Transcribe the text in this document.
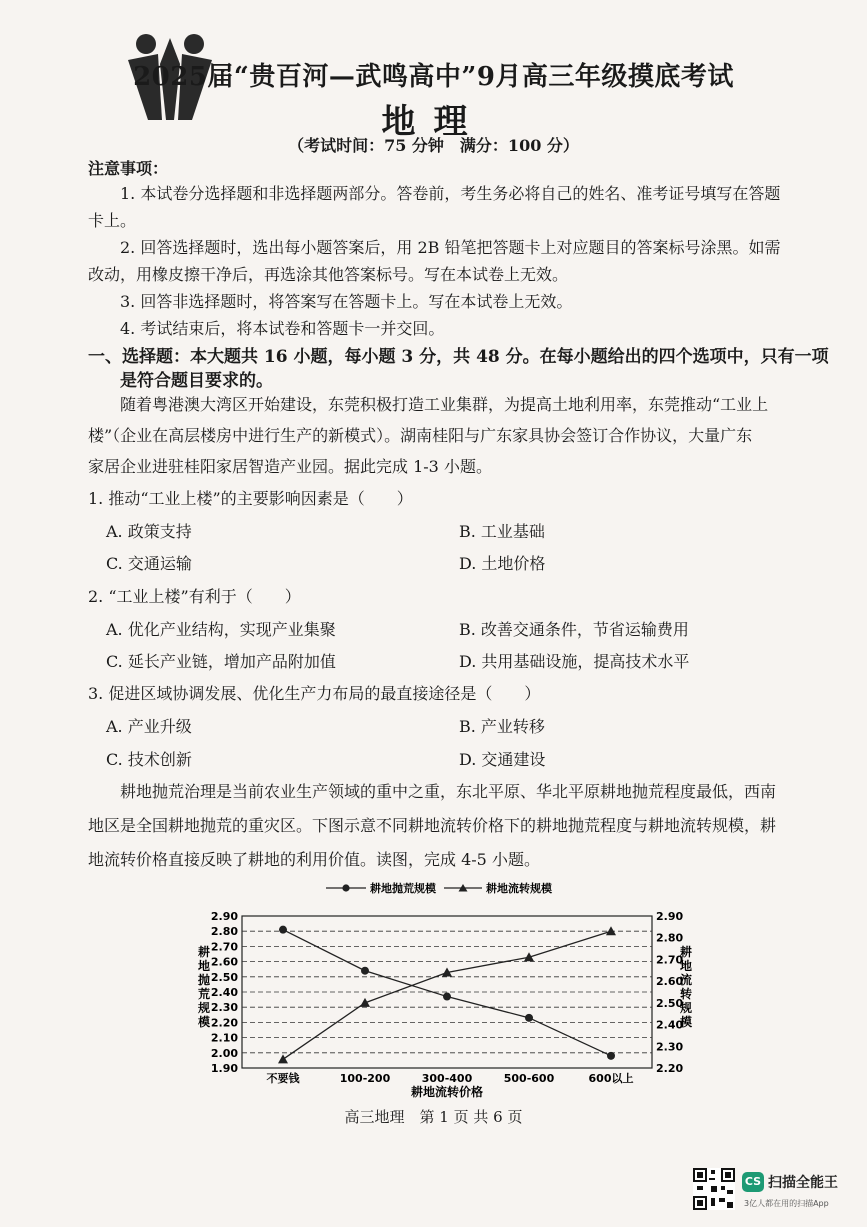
2025届“贵百河—武鸣高中”9月高三年级摸底考试
地理
（考试时间：75 分钟　满分：100 分）
注意事项：
1. 本试卷分选择题和非选择题两部分。答卷前，考生务必将自己的姓名、准考证号填写在答题
卡上。
2. 回答选择题时，选出每小题答案后，用 2B 铅笔把答题卡上对应题目的答案标号涂黑。如需
改动，用橡皮擦干净后，再选涂其他答案标号。写在本试卷上无效。
3. 回答非选择题时，将答案写在答题卡上。写在本试卷上无效。
4. 考试结束后，将本试卷和答题卡一并交回。
一、选择题：本大题共 16 小题，每小题 3 分，共 48 分。在每小题给出的四个选项中，只有一项
是符合题目要求的。
随着粤港澳大湾区开始建设，东莞积极打造工业集群，为提高土地利用率，东莞推动“工业上
楼”（企业在高层楼房中进行生产的新模式）。湖南桂阳与广东家具协会签订合作协议，大量广东
家居企业进驻桂阳家居智造产业园。据此完成 1-3 小题。
1. 推动“工业上楼”的主要影响因素是（　　）
A. 政策支持	B. 工业基础
C. 交通运输	D. 土地价格
2. “工业上楼”有利于（　　）
A. 优化产业结构，实现产业集聚	B. 改善交通条件，节省运输费用
C. 延长产业链，增加产品附加值	D. 共用基础设施，提高技术水平
3. 促进区域协调发展、优化生产力布局的最直接途径是（　　）
A. 产业升级	B. 产业转移
C. 技术创新	D. 交通建设
耕地抛荒治理是当前农业生产领域的重中之重，东北平原、华北平原耕地抛荒程度最低，西南
地区是全国耕地抛荒的重灾区。下图示意不同耕地流转价格下的耕地抛荒程度与耕地流转规模，耕
地流转价格直接反映了耕地的利用价值。读图，完成 4-5 小题。
耕地抛荒规模	耕地流转规模
2.90
2.80
2.70
2.60
2.50
2.40
2.30
2.20
2.10
2.00
1.90
2.90
2.80
2.70
2.60
2.50
2.40
2.30
2.20
不要钱	100-200	300-400	500-600	600以上
耕地抛荒规模
耕地流转规模
耕地流转价格
高三地理　第 1 页 共 6 页
CS 扫描全能王
3亿人都在用的扫描App
